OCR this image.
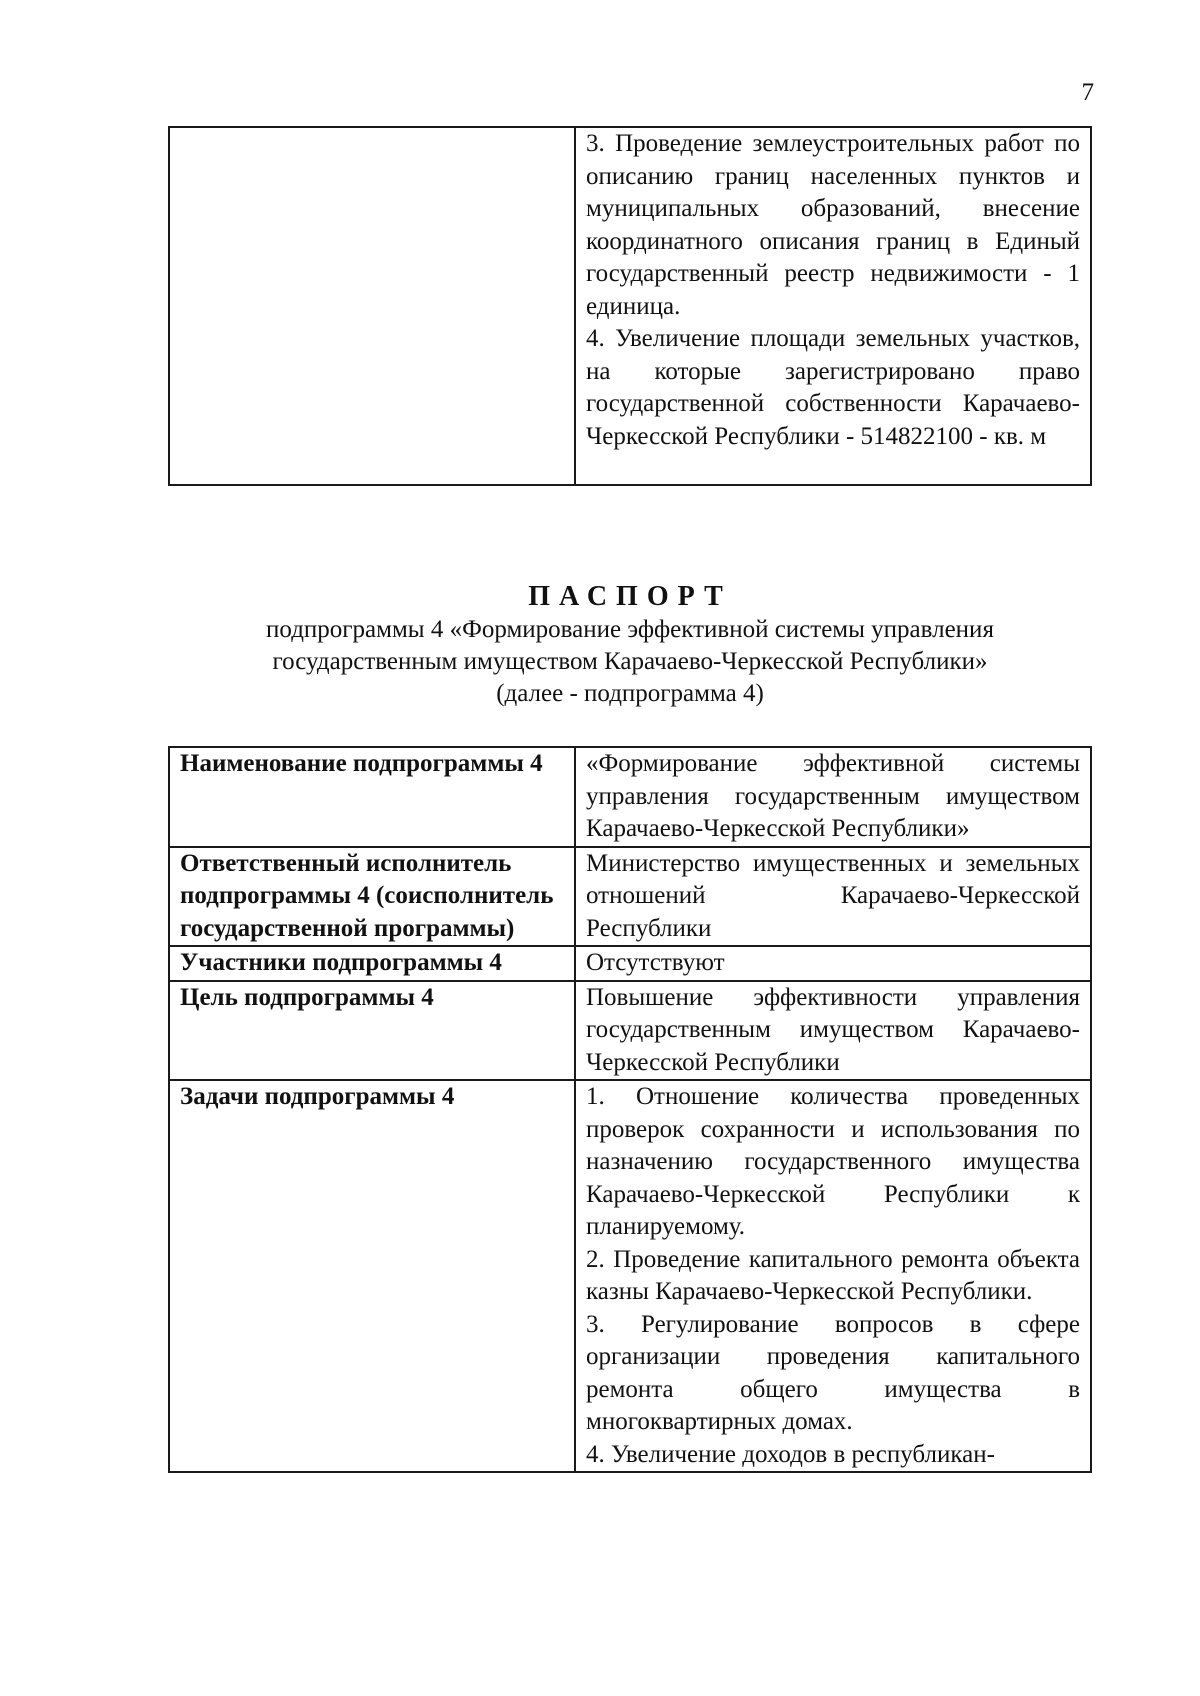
7

3. Проведение землеустроительных работ по описанию границ населенных пунктов и муниципальных образований, внесение координатного описания границ в Единый государственный реестр недвижимости - 1 единица.
4. Увеличение площади земельных участков, на которые зарегистрировано право государственной собственности Карачаево-Черкесской Республики - 514822100 - кв. м
ПАСПОРТ
подпрограммы 4 «Формирование эффективной системы управления
государственным имуществом Карачаево-Черкесской Республики»
(далее - подпрограмма 4)
Наименование подпрограммы 4	«Формирование эффективной системы управления государственным имуществом Карачаево-Черкесской Республики»
Ответственный исполнитель подпрограммы 4 (соисполнитель государственной программы)	Министерство имущественных и земельных отношений Карачаево-Черкесской Республики
Участники подпрограммы 4	Отсутствуют
Цель подпрограммы 4	Повышение эффективности управления государственным имуществом Карачаево-Черкесской Республики
Задачи подпрограммы 4	1. Отношение количества проведенных проверок сохранности и использования по назначению государственного имущества Карачаево-Черкесской Республики к планируемому.
2. Проведение капитального ремонта объекта казны Карачаево-Черкесской Республики.
3. Регулирование вопросов в сфере организации проведения капитального ремонта общего имущества в многоквартирных домах.
4. Увеличение доходов в республикан-
